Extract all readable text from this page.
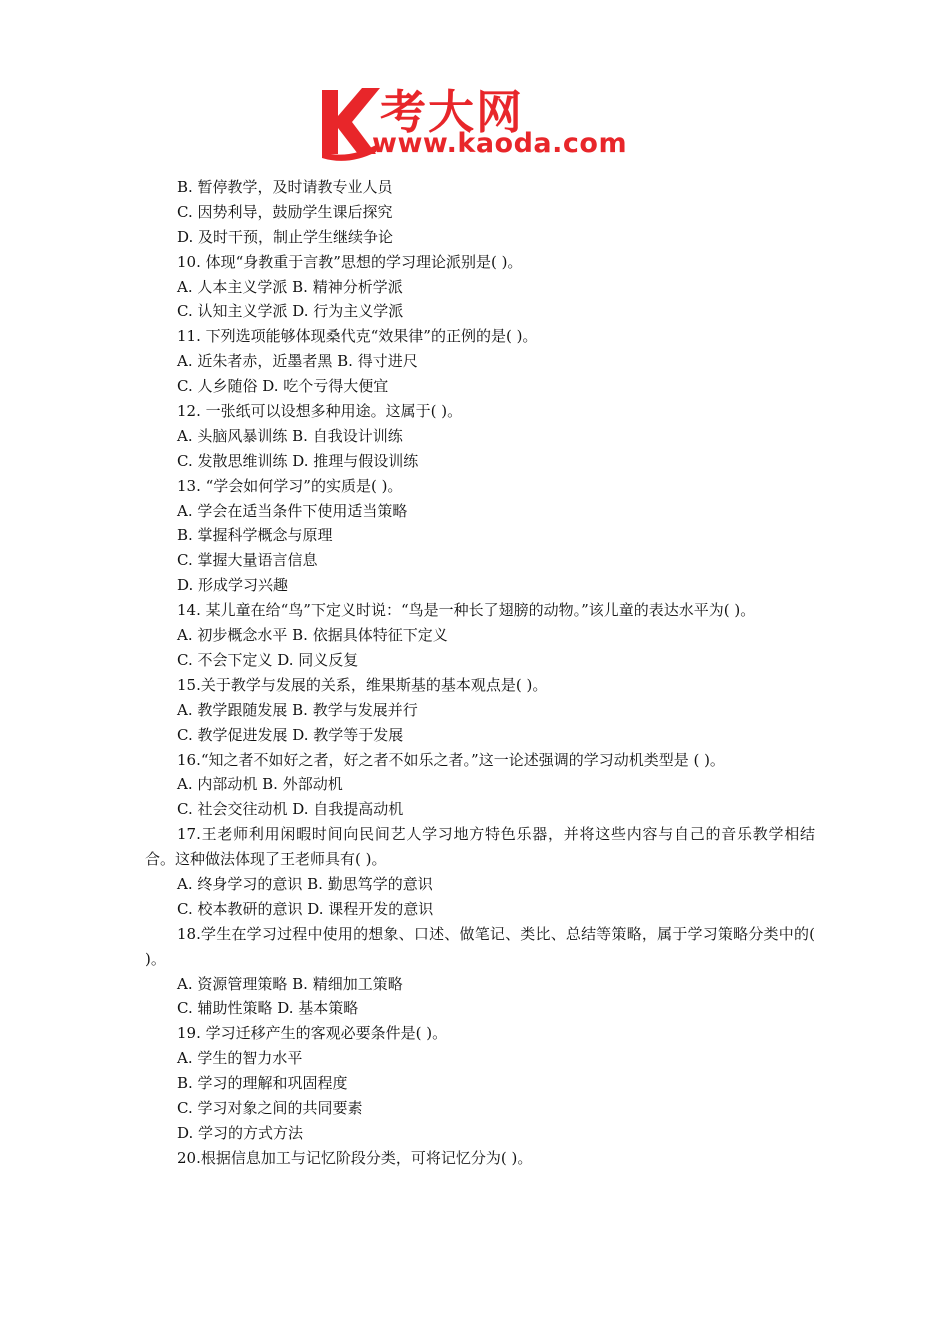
考大网
www.kaoda.com
B. 暂停教学，及时请教专业人员
C. 因势利导，鼓励学生课后探究
D. 及时干预，制止学生继续争论
10. 体现“身教重于言教”思想的学习理论派别是( )。
A. 人本主义学派 B. 精神分析学派
C. 认知主义学派 D. 行为主义学派
11. 下列选项能够体现桑代克“效果律”的正例的是( )。
A. 近朱者赤，近墨者黑 B. 得寸进尺
C. 人乡随俗 D. 吃个亏得大便宜
12. 一张纸可以设想多种用途。这属于( )。
A. 头脑风暴训练 B. 自我设计训练
C. 发散思维训练 D. 推理与假设训练
13. “学会如何学习”的实质是( )。
A. 学会在适当条件下使用适当策略
B. 掌握科学概念与原理
C. 掌握大量语言信息
D. 形成学习兴趣
14. 某儿童在给“鸟”下定义时说：“鸟是一种长了翅膀的动物。”该儿童的表达水平为( )。
A. 初步概念水平 B. 依据具体特征下定义
C. 不会下定义 D. 同义反复
15.关于教学与发展的关系，维果斯基的基本观点是( )。
A. 教学跟随发展 B. 教学与发展并行
C. 教学促进发展 D. 教学等于发展
16.“知之者不如好之者，好之者不如乐之者。”这一论述强调的学习动机类型是 ( )。
A. 内部动机 B. 外部动机
C. 社会交往动机 D. 自我提高动机
17.王老师利用闲暇时间向民间艺人学习地方特色乐器，并将这些内容与自己的音乐教学相结合。这种做法体现了王老师具有( )。
A. 终身学习的意识 B. 勤思笃学的意识
C. 校本教研的意识 D. 课程开发的意识
18.学生在学习过程中使用的想象、口述、做笔记、类比、总结等策略，属于学习策略分类中的( )。
A. 资源管理策略 B. 精细加工策略
C. 辅助性策略 D. 基本策略
19. 学习迁移产生的客观必要条件是( )。
A. 学生的智力水平
B. 学习的理解和巩固程度
C. 学习对象之间的共同要素
D. 学习的方式方法
20.根据信息加工与记忆阶段分类，可将记忆分为( )。
